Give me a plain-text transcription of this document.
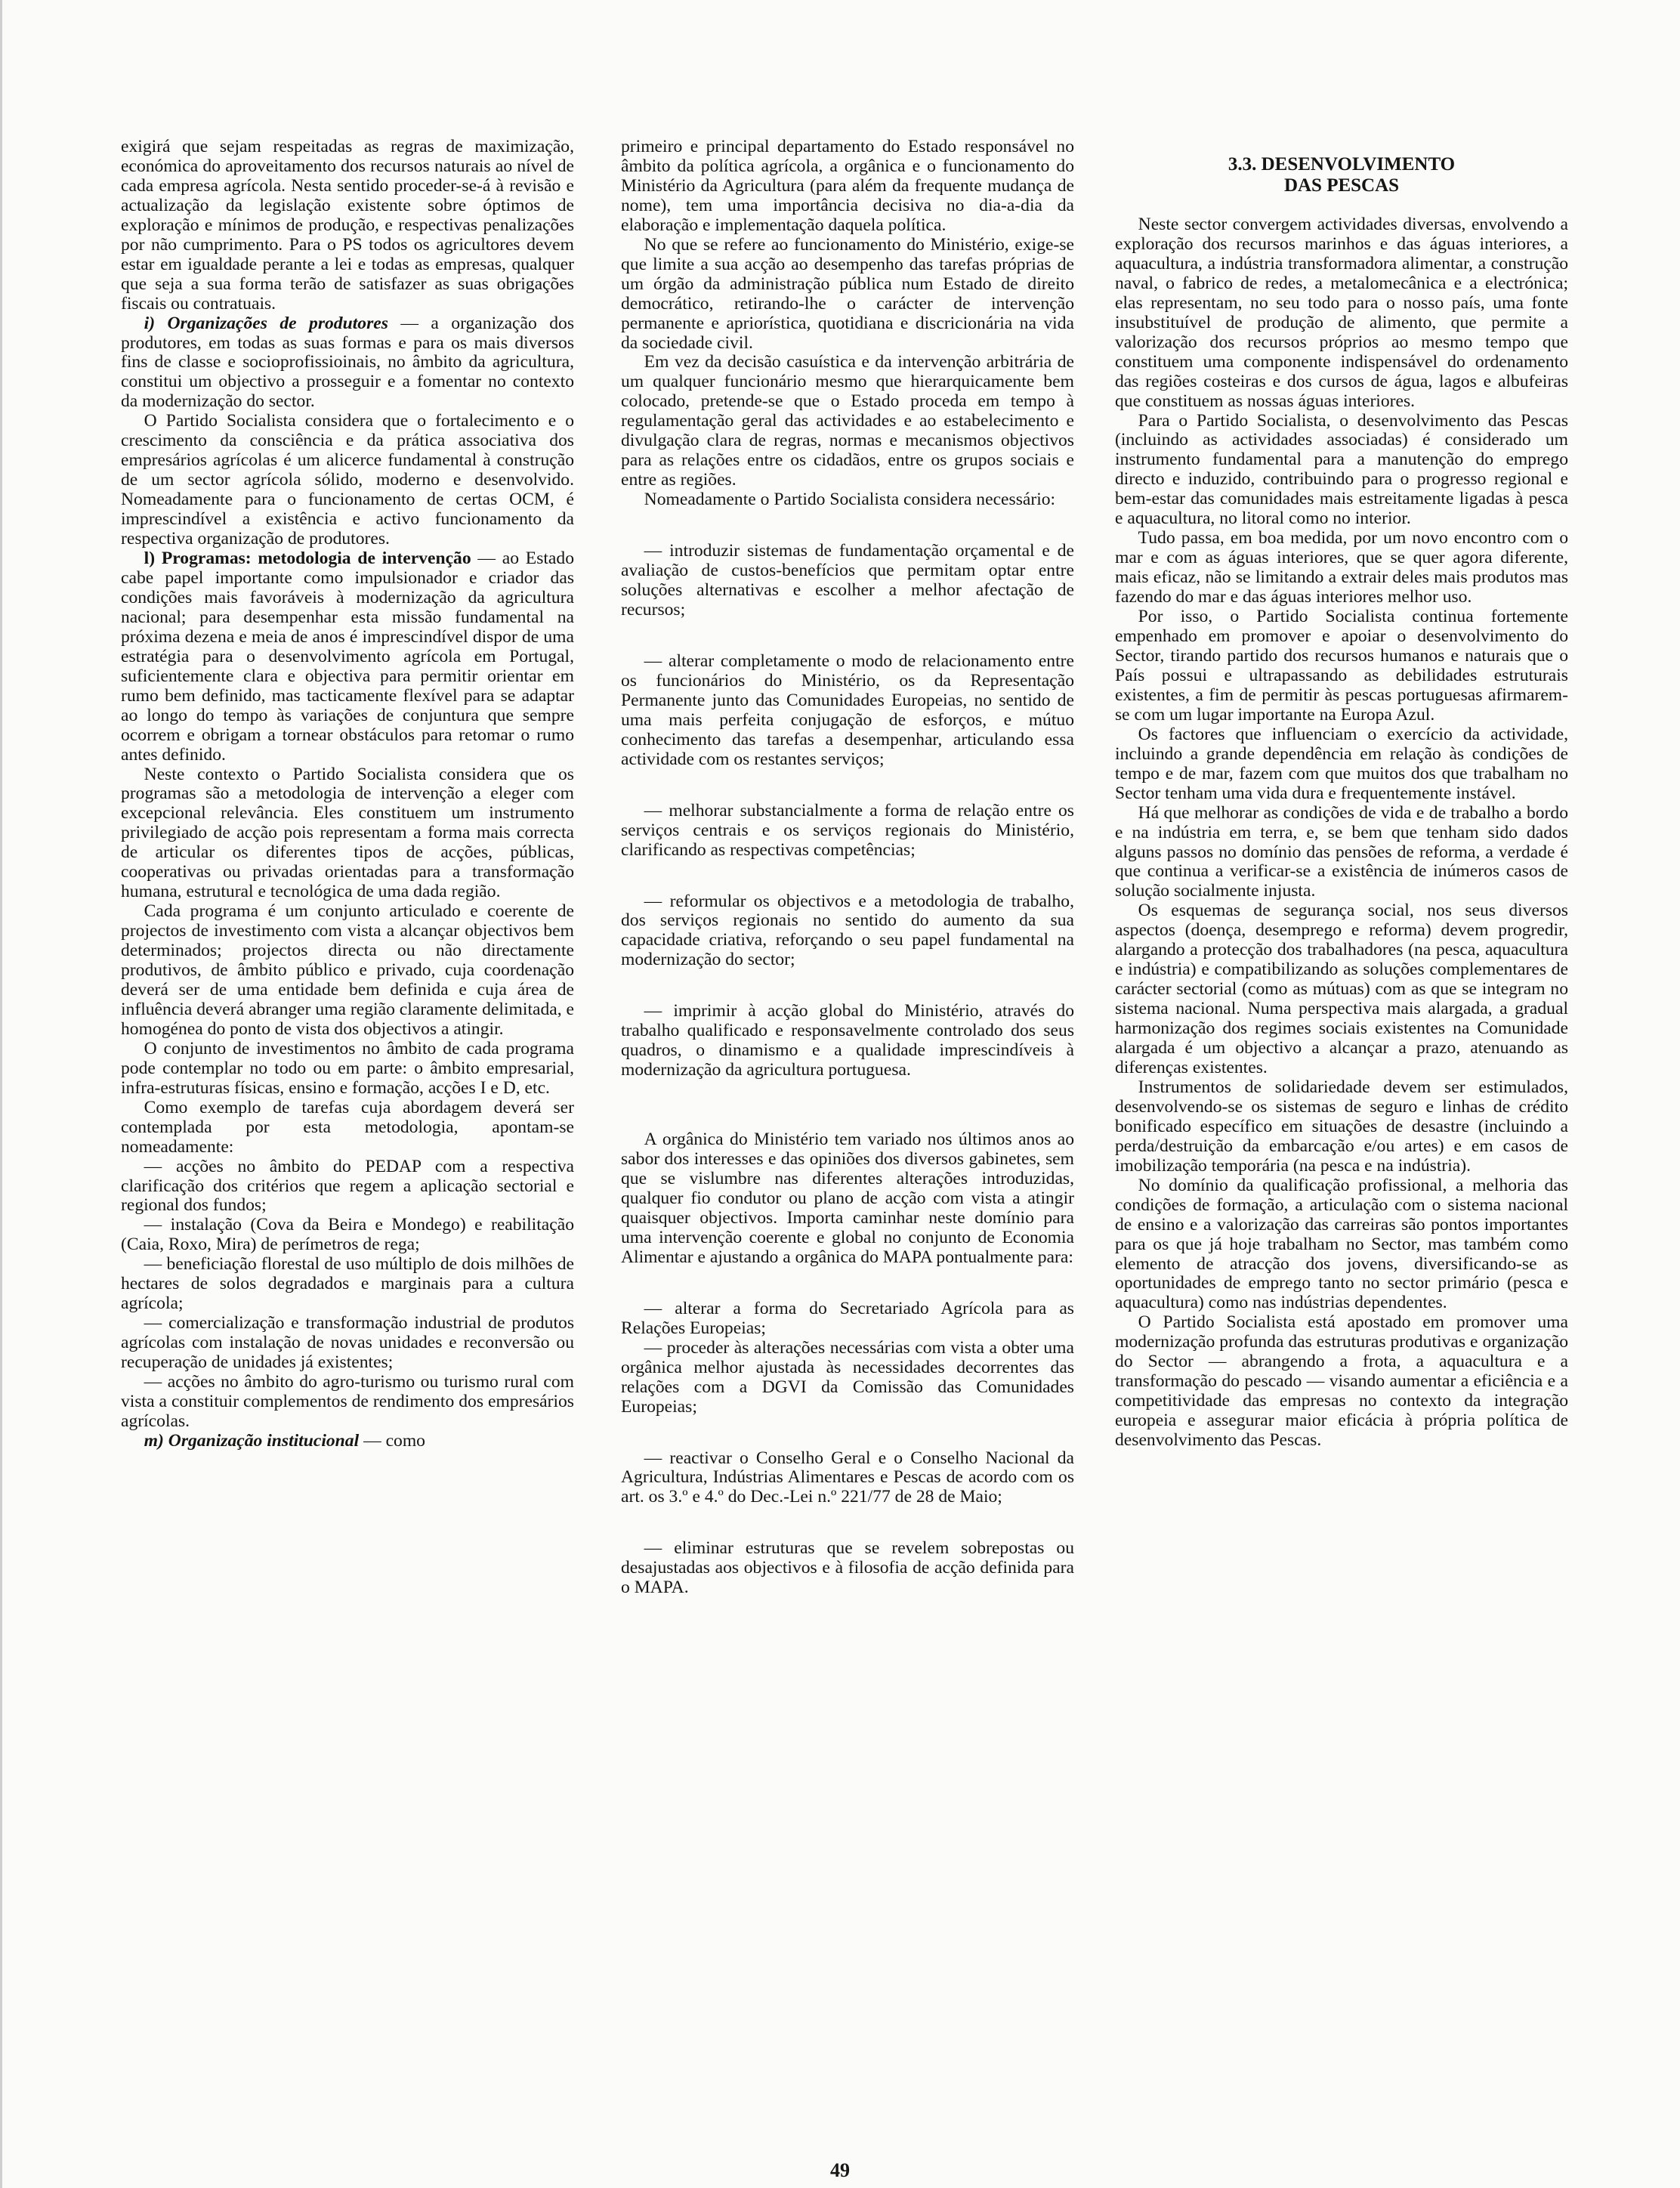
exigirá que sejam respeitadas as regras de maximização, económica do aproveitamento dos recursos naturais ao nível de cada empresa agrícola. Nesta sentido proceder-se-á à revisão e actualização da legislação existente sobre óptimos de exploração e mínimos de produção, e respectivas penalizações por não cumprimento. Para o PS todos os agricultores devem estar em igualdade perante a lei e todas as empresas, qualquer que seja a sua forma terão de satisfazer as suas obrigações fiscais ou contratuais.

i) Organizações de produtores — a organização dos produtores, em todas as suas formas e para os mais diversos fins de classe e socioprofissioinais, no âmbito da agricultura, constitui um objectivo a prosseguir e a fomentar no contexto da modernização do sector.

O Partido Socialista considera que o fortalecimento e o crescimento da consciência e da prática associativa dos empresários agrícolas é um alicerce fundamental à construção de um sector agrícola sólido, moderno e desenvolvido. Nomeadamente para o funcionamento de certas OCM, é imprescindível a existência e activo funcionamento da respectiva organização de produtores.

l) Programas: metodologia de intervenção — ao Estado cabe papel importante como impulsionador e criador das condições mais favoráveis à modernização da agricultura nacional; para desempenhar esta missão fundamental na próxima dezena e meia de anos é imprescindível dispor de uma estratégia para o desenvolvimento agrícola em Portugal, suficientemente clara e objectiva para permitir orientar em rumo bem definido, mas tacticamente flexível para se adaptar ao longo do tempo às variações de conjuntura que sempre ocorrem e obrigam a tornear obstáculos para retomar o rumo antes definido.

Neste contexto o Partido Socialista considera que os programas são a metodologia de intervenção a eleger com excepcional relevância. Eles constituem um instrumento privilegiado de acção pois representam a forma mais correcta de articular os diferentes tipos de acções, públicas, cooperativas ou privadas orientadas para a transformação humana, estrutural e tecnológica de uma dada região.

Cada programa é um conjunto articulado e coerente de projectos de investimento com vista a alcançar objectivos bem determinados; projectos directa ou não directamente produtivos, de âmbito público e privado, cuja coordenação deverá ser de uma entidade bem definida e cuja área de influência deverá abranger uma região claramente delimitada, e homogénea do ponto de vista dos objectivos a atingir.

O conjunto de investimentos no âmbito de cada programa pode contemplar no todo ou em parte: o âmbito empresarial, infra-estruturas físicas, ensino e formação, acções I e D, etc.

Como exemplo de tarefas cuja abordagem deverá ser contemplada por esta metodologia, apontam-se nomeadamente:

— acções no âmbito do PEDAP com a respectiva clarificação dos critérios que regem a aplicação sectorial e regional dos fundos;

— instalação (Cova da Beira e Mondego) e reabilitação (Caia, Roxo, Mira) de perímetros de rega;

— beneficiação florestal de uso múltiplo de dois milhões de hectares de solos degradados e marginais para a cultura agrícola;

— comercialização e transformação industrial de produtos agrícolas com instalação de novas unidades e reconversão ou recuperação de unidades já existentes;

— acções no âmbito do agro-turismo ou turismo rural com vista a constituir complementos de rendimento dos empresários agrícolas.

m) Organização institucional — como

primeiro e principal departamento do Estado responsável no âmbito da política agrícola, a orgânica e o funcionamento do Ministério da Agricultura (para além da frequente mudança de nome), tem uma importância decisiva no dia-a-dia da elaboração e implementação daquela política.

No que se refere ao funcionamento do Ministério, exige-se que limite a sua acção ao desempenho das tarefas próprias de um órgão da administração pública num Estado de direito democrático, retirando-lhe o carácter de intervenção permanente e apriorística, quotidiana e discricionária na vida da sociedade civil.

Em vez da decisão casuística e da intervenção arbitrária de um qualquer funcionário mesmo que hierarquicamente bem colocado, pretende-se que o Estado proceda em tempo à regulamentação geral das actividades e ao estabelecimento e divulgação clara de regras, normas e mecanismos objectivos para as relações entre os cidadãos, entre os grupos sociais e entre as regiões.

Nomeadamente o Partido Socialista considera necessário:

— introduzir sistemas de fundamentação orçamental e de avaliação de custos-benefícios que permitam optar entre soluções alternativas e escolher a melhor afectação de recursos;

— alterar completamente o modo de relacionamento entre os funcionários do Ministério, os da Representação Permanente junto das Comunidades Europeias, no sentido de uma mais perfeita conjugação de esforços, e mútuo conhecimento das tarefas a desempenhar, articulando essa actividade com os restantes serviços;

— melhorar substancialmente a forma de relação entre os serviços centrais e os serviços regionais do Ministério, clarificando as respectivas competências;

— reformular os objectivos e a metodologia de trabalho, dos serviços regionais no sentido do aumento da sua capacidade criativa, reforçando o seu papel fundamental na modernização do sector;

— imprimir à acção global do Ministério, através do trabalho qualificado e responsavelmente controlado dos seus quadros, o dinamismo e a qualidade imprescindíveis à modernização da agricultura portuguesa.

A orgânica do Ministério tem variado nos últimos anos ao sabor dos interesses e das opiniões dos diversos gabinetes, sem que se vislumbre nas diferentes alterações introduzidas, qualquer fio condutor ou plano de acção com vista a atingir quaisquer objectivos. Importa caminhar neste domínio para uma intervenção coerente e global no conjunto de Economia Alimentar e ajustando a orgânica do MAPA pontualmente para:

— alterar a forma do Secretariado Agrícola para as Relações Europeias;

— proceder às alterações necessárias com vista a obter uma orgânica melhor ajustada às necessidades decorrentes das relações com a DGVI da Comissão das Comunidades Europeias;

— reactivar o Conselho Geral e o Conselho Nacional da Agricultura, Indústrias Alimentares e Pescas de acordo com os art. os 3.º e 4.º do Dec.-Lei n.º 221/77 de 28 de Maio;

— eliminar estruturas que se revelem sobrepostas ou desajustadas aos objectivos e à filosofia de acção definida para o MAPA.

3.3. DESENVOLVIMENTO
DAS PESCAS

Neste sector convergem actividades diversas, envolvendo a exploração dos recursos marinhos e das águas interiores, a aquacultura, a indústria transformadora alimentar, a construção naval, o fabrico de redes, a metalomecânica e a electrónica; elas representam, no seu todo para o nosso país, uma fonte insubstituível de produção de alimento, que permite a valorização dos recursos próprios ao mesmo tempo que constituem uma componente indispensável do ordenamento das regiões costeiras e dos cursos de água, lagos e albufeiras que constituem as nossas águas interiores.

Para o Partido Socialista, o desenvolvimento das Pescas (incluindo as actividades associadas) é considerado um instrumento fundamental para a manutenção do emprego directo e induzido, contribuindo para o progresso regional e bem-estar das comunidades mais estreitamente ligadas à pesca e aquacultura, no litoral como no interior.

Tudo passa, em boa medida, por um novo encontro com o mar e com as águas interiores, que se quer agora diferente, mais eficaz, não se limitando a extrair deles mais produtos mas fazendo do mar e das águas interiores melhor uso.

Por isso, o Partido Socialista continua fortemente empenhado em promover e apoiar o desenvolvimento do Sector, tirando partido dos recursos humanos e naturais que o País possui e ultrapassando as debilidades estruturais existentes, a fim de permitir às pescas portuguesas afirmarem-se com um lugar importante na Europa Azul.

Os factores que influenciam o exercício da actividade, incluindo a grande dependência em relação às condições de tempo e de mar, fazem com que muitos dos que trabalham no Sector tenham uma vida dura e frequentemente instável.

Há que melhorar as condições de vida e de trabalho a bordo e na indústria em terra, e, se bem que tenham sido dados alguns passos no domínio das pensões de reforma, a verdade é que continua a verificar-se a existência de inúmeros casos de solução socialmente injusta.

Os esquemas de segurança social, nos seus diversos aspectos (doença, desemprego e reforma) devem progredir, alargando a protecção dos trabalhadores (na pesca, aquacultura e indústria) e compatibilizando as soluções complementares de carácter sectorial (como as mútuas) com as que se integram no sistema nacional. Numa perspectiva mais alargada, a gradual harmonização dos regimes sociais existentes na Comunidade alargada é um objectivo a alcançar a prazo, atenuando as diferenças existentes.

Instrumentos de solidariedade devem ser estimulados, desenvolvendo-se os sistemas de seguro e linhas de crédito bonificado específico em situações de desastre (incluindo a perda/destruição da embarcação e/ou artes) e em casos de imobilização temporária (na pesca e na indústria).

No domínio da qualificação profissional, a melhoria das condições de formação, a articulação com o sistema nacional de ensino e a valorização das carreiras são pontos importantes para os que já hoje trabalham no Sector, mas também como elemento de atracção dos jovens, diversificando-se as oportunidades de emprego tanto no sector primário (pesca e aquacultura) como nas indústrias dependentes.

O Partido Socialista está apostado em promover uma modernização profunda das estruturas produtivas e organização do Sector — abrangendo a frota, a aquacultura e a transformação do pescado — visando aumentar a eficiência e a competitividade das empresas no contexto da integração europeia e assegurar maior eficácia à própria política de desenvolvimento das Pescas.

49
